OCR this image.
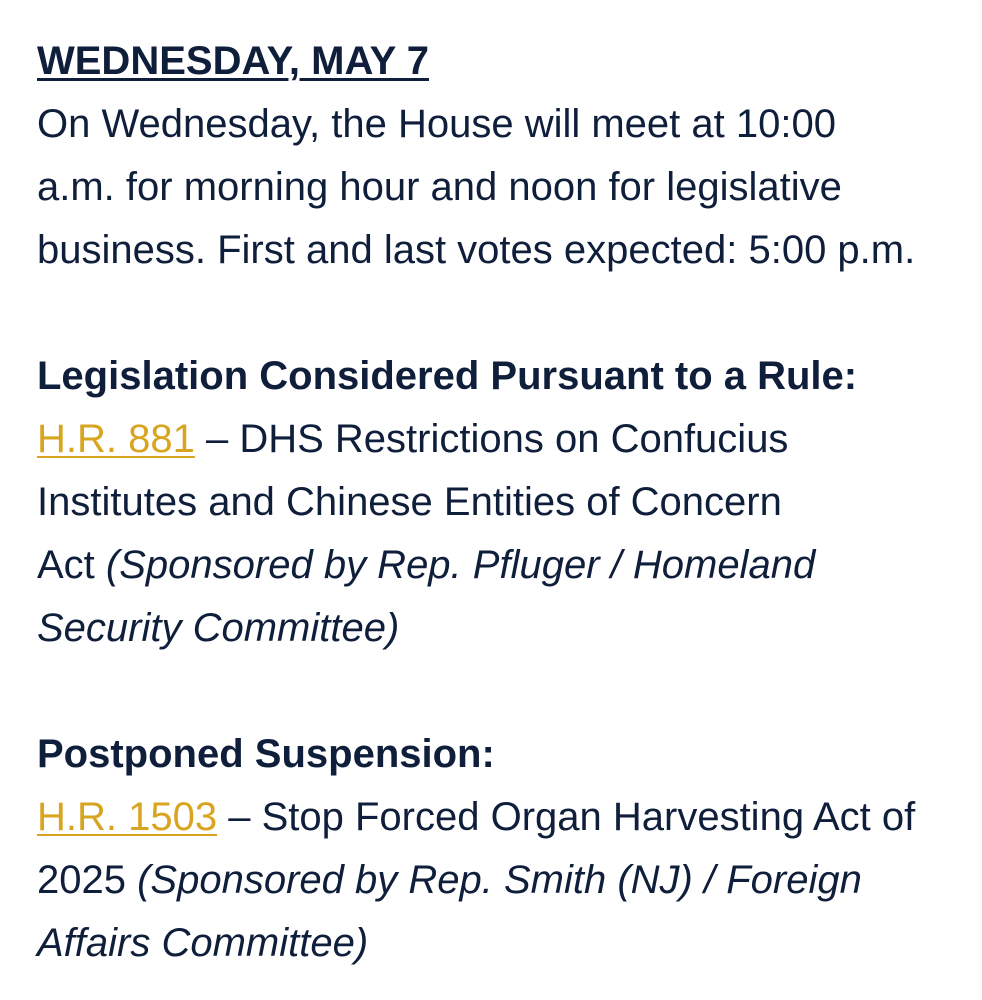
WEDNESDAY, MAY 7
On Wednesday, the House will meet at 10:00
a.m. for morning hour and noon for legislative
business. First and last votes expected: 5:00 p.m.
Legislation Considered Pursuant to a Rule:
H.R. 881 – DHS Restrictions on Confucius
Institutes and Chinese Entities of Concern
Act (Sponsored by Rep. Pfluger / Homeland
Security Committee)
Postponed Suspension:
H.R. 1503 – Stop Forced Organ Harvesting Act of
2025 (Sponsored by Rep. Smith (NJ) / Foreign
Affairs Committee)
